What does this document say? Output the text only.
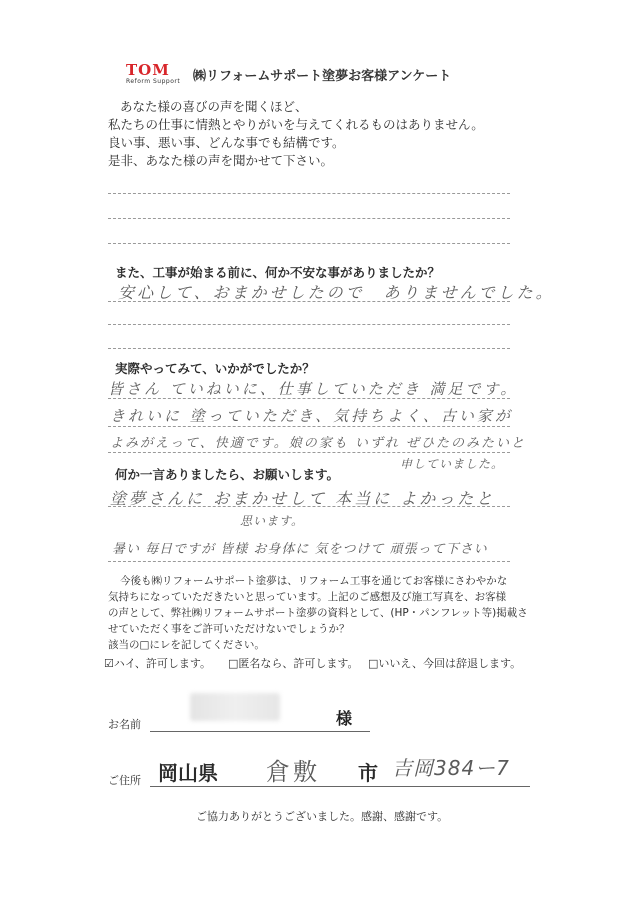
TOM
Reform Support ㈱リフォームサポート塗夢お客様アンケート
あなた様の喜びの声を聞くほど、
私たちの仕事に情熱とやりがいを与えてくれるものはありません。
良い事、悪い事、どんな事でも結構です。
是非、あなた様の声を聞かせて下さい。
また、工事が始まる前に、何か不安な事がありましたか？
安心して、おまかせしたので　ありませんでした。
実際やってみて、いかがでしたか？
皆さん ていねいに、仕事していただき 満足です。
きれいに 塗っていただき、気持ちよく、古い家が
よみがえって、快適です。娘の家も いずれ ぜひたのみたいと
申していました。
何か一言ありましたら、お願いします。
塗夢さんに おまかせして 本当に よかったと
思います。
暑い 毎日ですが 皆様 お身体に 気をつけて 頑張って下さい
今後も㈱リフォームサポート塗夢は、リフォーム工事を通じてお客様にさわやかな
気持ちになっていただきたいと思っています。上記のご感想及び施工写真を、お客様
の声として、弊社㈱リフォームサポート塗夢の資料として、(HP・パンフレット等)掲載さ
せていただく事をご許可いただけないでしょうか？
該当の□にレを記してください。
☑ハイ、許可します。 □匿名なら、許可します。 □いいえ、今回は辞退します。
お名前	様
ご住所 岡山県 倉敷 市 吉岡384ー7
ご協力ありがとうございました。感謝、感謝です。
